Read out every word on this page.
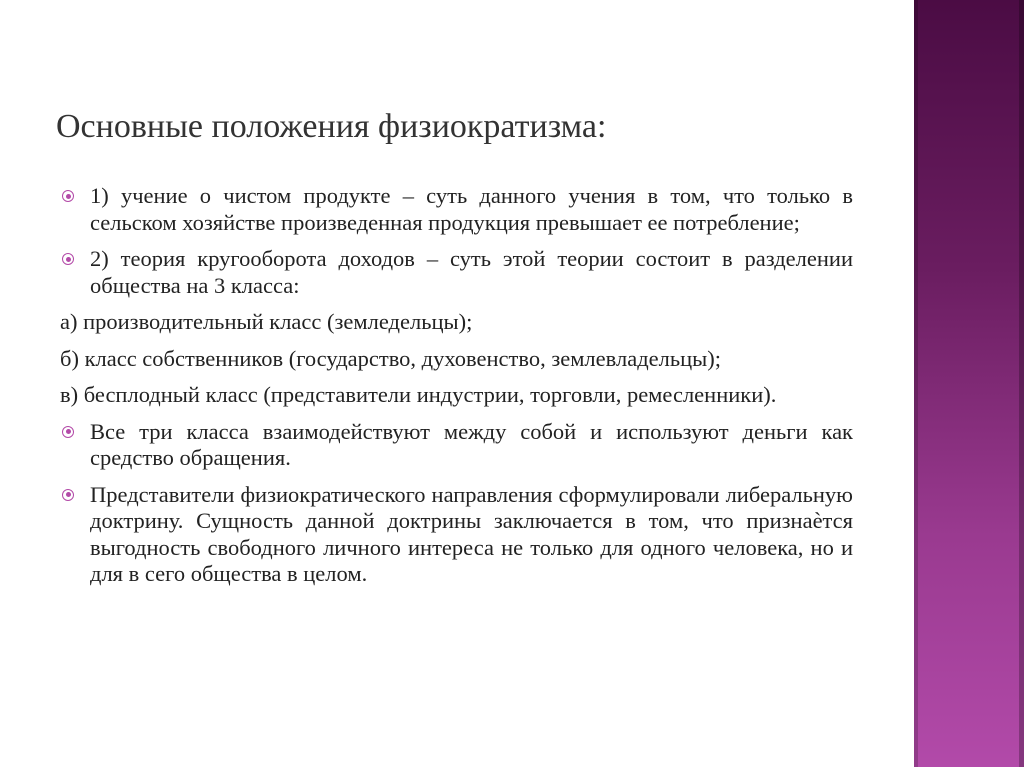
Основные положения физиократизма:

1) учение о чистом продукте – суть данного учения в том, что только в сельском хозяйстве произведенная продукция превышает ее потребление;

2) теория кругооборота доходов – суть этой теории состоит в разделении общества на 3 класса:

а) производительный класс (земледельцы);

б) класс собственников (государство, духовенство, землевладельцы);

в) бесплодный класс (представители индустрии, торговли, ремесленники).

Все три класса взаимодействуют между собой и используют деньги как средство обращения.

Представители физиократического направления сформулировали либеральную доктрину. Сущность данной доктрины заключается в том, что признаѐтся выгодность свободного личного интереса не только для одного человека, но и для в сего общества в целом.
